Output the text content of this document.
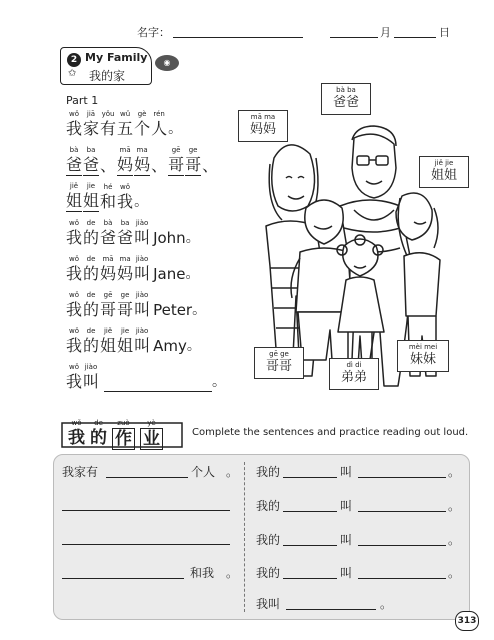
名字：	月	日
2 My Family
✩ 我的家
◉
Part 1
wǒ
我
jiā
家
yǒu
有
wǔ
五
gè
个
rén
人 。
bà
爸
ba
爸 、
mā
妈
ma
妈 、
gē
哥
ge
哥 、
jiě
姐
jie
姐
hé
和
wǒ
我 。
wǒ
我
de
的
bà
爸
ba
爸
jiào
叫 John 。
wǒ
我
de
的
mā
妈
ma
妈
jiào
叫 Jane 。
wǒ
我
de
的
gē
哥
ge
哥
jiào
叫 Peter 。
wǒ
我
de
的
jiě
姐
jie
姐
jiào
叫 Amy 。
wǒ
我
jiào
叫	。
mā ma
妈妈
bà ba
爸爸
jiě jie
姐姐
gē ge
哥哥	dì di
弟弟
mèi mei
妹妹
wǒ
我
de
的
zuò
作
yè
业	Complete the sentences and practice reading out loud.
我家有	个人 。
和我 。
我的	叫	。
我的	叫	。
我的	叫	。
我的	叫	。
我叫	。
313
